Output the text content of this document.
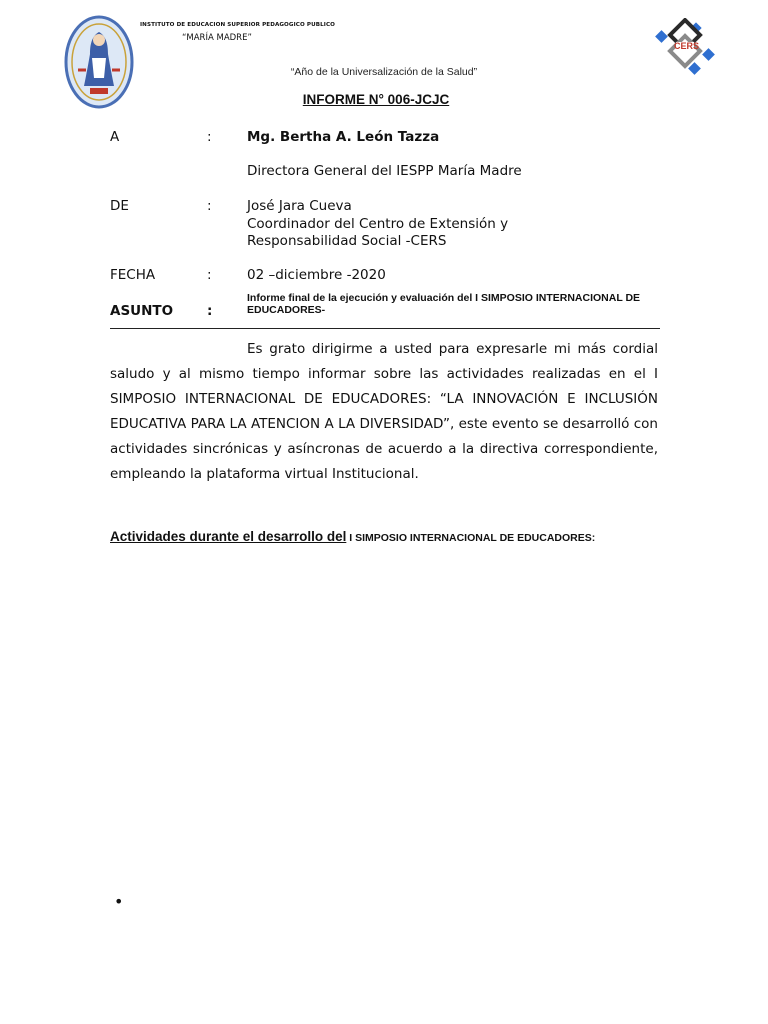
INSTITUTO DE EDUCACION SUPERIOR PEDAGOGICO PUBLICO
“MARÍA MADRE”
CERS
“Año de la Universalización de la Salud”
INFORME N° 006-JCJC
A	:	Mg. Bertha A. León Tazza
Directora General del IESPP María Madre
DE	:	José Jara Cueva
Coordinador del Centro de Extensión y
Responsabilidad Social -CERS
FECHA	:	02 –diciembre -2020
ASUNTO	:
Informe final de la ejecución y evaluación del I SIMPOSIO INTERNACIONAL DE EDUCADORES-
Es grato dirigirme a usted para expresarle mi más cordial saludo y al mismo tiempo informar sobre las actividades realizadas en el I SIMPOSIO INTERNACIONAL DE EDUCADORES: “LA INNOVACIÓN E INCLUSIÓN EDUCATIVA PARA LA ATENCION A LA DIVERSIDAD”, este evento se desarrolló con actividades sincrónicas y asíncronas de acuerdo a la directiva correspondiente, empleando la plataforma virtual Institucional.
Actividades durante el desarrollo del I SIMPOSIO INTERNACIONAL DE EDUCADORES:
•
